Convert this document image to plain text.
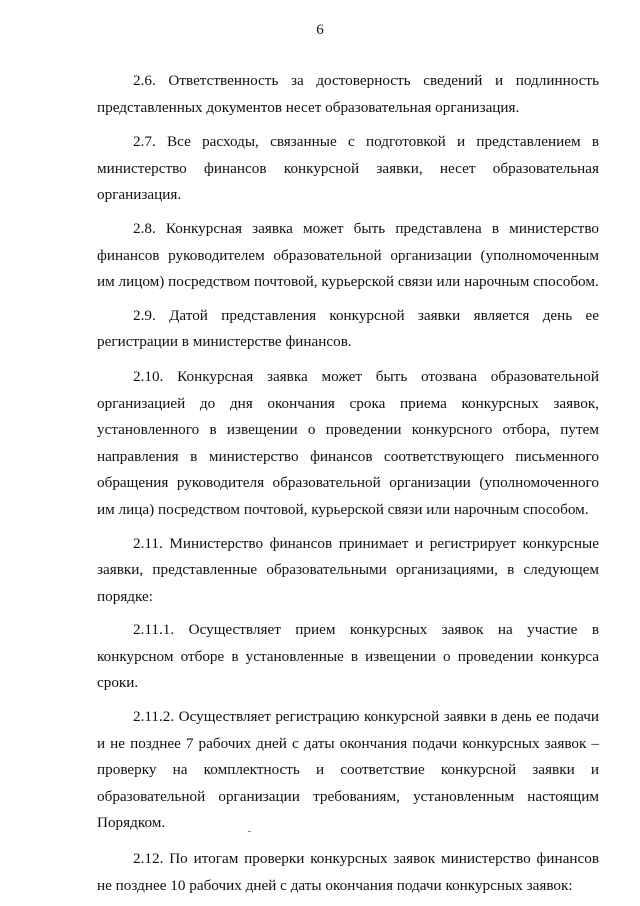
6

2.6. Ответственность за достоверность сведений и подлинность представленных документов несет образовательная организация.

2.7. Все расходы, связанные с подготовкой и представлением в министерство финансов конкурсной заявки, несет образовательная организация.

2.8. Конкурсная заявка может быть представлена в министерство финансов руководителем образовательной организации (уполномоченным им лицом) посредством почтовой, курьерской связи или нарочным способом.

2.9. Датой представления конкурсной заявки является день ее регистрации в министерстве финансов.

2.10. Конкурсная заявка может быть отозвана образовательной организацией до дня окончания срока приема конкурсных заявок, установленного в извещении о проведении конкурсного отбора, путем направления в министерство финансов соответствующего письменного обращения руководителя образовательной организации (уполномоченного им лица) посредством почтовой, курьерской связи или нарочным способом.

2.11. Министерство финансов принимает и регистрирует конкурсные заявки, представленные образовательными организациями, в следующем порядке:

2.11.1. Осуществляет прием конкурсных заявок на участие в конкурсном отборе в установленные в извещении о проведении конкурса сроки.

2.11.2. Осуществляет регистрацию конкурсной заявки в день ее подачи и не позднее 7 рабочих дней с даты окончания подачи конкурсных заявок – проверку на комплектность и соответствие конкурсной заявки и образовательной организации требованиям, установленным настоящим Порядком.

2.12. По итогам проверки конкурсных заявок министерство финансов не позднее 10 рабочих дней с даты окончания подачи конкурсных заявок:
